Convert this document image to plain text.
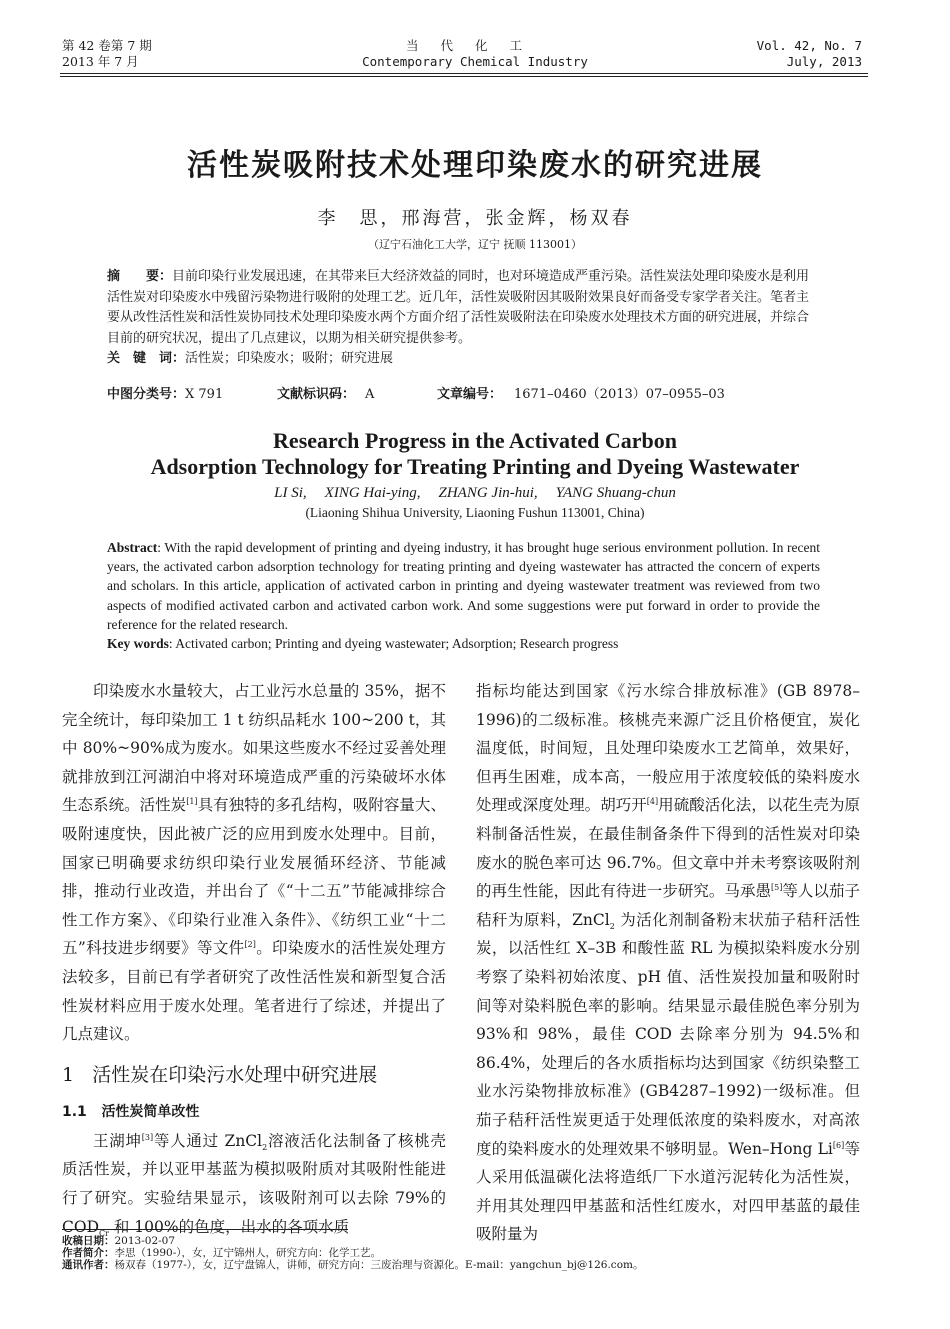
第 42 卷第 7 期
2013 年 7 月
当代化工
Contemporary Chemical Industry
Vol. 42, No. 7
July, 2013
活性炭吸附技术处理印染废水的研究进展
李　思，邢海营，张金辉，杨双春
（辽宁石油化工大学，辽宁 抚顺 113001）
摘　　要：目前印染行业发展迅速，在其带来巨大经济效益的同时，也对环境造成严重污染。活性炭法处理印染废水是利用活性炭对印染废水中残留污染物进行吸附的处理工艺。近几年，活性炭吸附因其吸附效果良好而备受专家学者关注。笔者主要从改性活性炭和活性炭协同技术处理印染废水两个方面介绍了活性炭吸附法在印染废水处理技术方面的研究进展，并综合目前的研究状况，提出了几点建议，以期为相关研究提供参考。
关　键　词：活性炭；印染废水；吸附；研究进展
中图分类号：X 791	文献标识码： A	文章编号： 1671–0460（2013）07–0955–03
Research Progress in the Activated Carbon
Adsorption Technology for Treating Printing and Dyeing Wastewater
LI Si, XING Hai-ying, ZHANG Jin-hui, YANG Shuang-chun
(Liaoning Shihua University, Liaoning Fushun 113001, China)
Abstract: With the rapid development of printing and dyeing industry, it has brought huge serious environment pollution. In recent years, the activated carbon adsorption technology for treating printing and dyeing wastewater has attracted the concern of experts and scholars. In this article, application of activated carbon in printing and dyeing wastewater treatment was reviewed from two aspects of modified activated carbon and activated carbon work. And some suggestions were put forward in order to provide the reference for the related research.
Key words: Activated carbon; Printing and dyeing wastewater; Adsorption; Research progress

印染废水水量较大，占工业污水总量的 35%，据不完全统计，每印染加工 1 t 纺织品耗水 100~200 t，其中 80%~90%成为废水。如果这些废水不经过妥善处理就排放到江河湖泊中将对环境造成严重的污染破坏水体生态系统。活性炭[1]具有独特的多孔结构，吸附容量大、吸附速度快，因此被广泛的应用到废水处理中。目前，国家已明确要求纺织印染行业发展循环经济、节能减排，推动行业改造，并出台了《“十二五”节能减排综合性工作方案》、《印染行业准入条件》、《纺织工业“十二五”科技进步纲要》等文件[2]。印染废水的活性炭处理方法较多，目前已有学者研究了改性活性炭和新型复合活性炭材料应用于废水处理。笔者进行了综述，并提出了几点建议。

1 活性炭在印染污水处理中研究进展
1.1 活性炭简单改性

王湖坤[3]等人通过 ZnCl$_2$溶液活化法制备了核桃壳质活性炭，并以亚甲基蓝为模拟吸附质对其吸附性能进行了研究。实验结果显示，该吸附剂可以去除 79%的 $COD_{Cr}$ 和 100%的色度，出水的各项水质

指标均能达到国家《污水综合排放标准》(GB 8978–1996)的二级标准。核桃壳来源广泛且价格便宜，炭化温度低，时间短，且处理印染废水工艺简单，效果好，但再生困难，成本高，一般应用于浓度较低的染料废水处理或深度处理。胡巧开[4]用硫酸活化法，以花生壳为原料制备活性炭，在最佳制备条件下得到的活性炭对印染废水的脱色率可达 96.7%。但文章中并未考察该吸附剂的再生性能，因此有待进一步研究。马承愚[5]等人以茄子秸秆为原料，ZnCl$_2$ 为活化剂制备粉末状茄子秸秆活性炭，以活性红 X–3B 和酸性蓝 RL 为模拟染料废水分别考察了染料初始浓度、pH 值、活性炭投加量和吸附时间等对染料脱色率的影响。结果显示最佳脱色率分别为 93%和 98%，最佳 COD 去除率分别为 94.5%和 86.4%，处理后的各水质指标均达到国家《纺织染整工业水污染物排放标准》(GB4287–1992)一级标准。但茄子秸秆活性炭更适于处理低浓度的染料废水，对高浓度的染料废水的处理效果不够明显。Wen–Hong Li[6]等人采用低温碳化法将造纸厂下水道污泥转化为活性炭，并用其处理四甲基蓝和活性红废水，对四甲基蓝的最佳吸附量为

收稿日期：2013-02-07
作者简介：李思（1990-），女，辽宁锦州人，研究方向：化学工艺。
通讯作者：杨双春（1977-），女，辽宁盘锦人，讲师，研究方向：三废治理与资源化。E-mail：yangchun_bj@126.com。
